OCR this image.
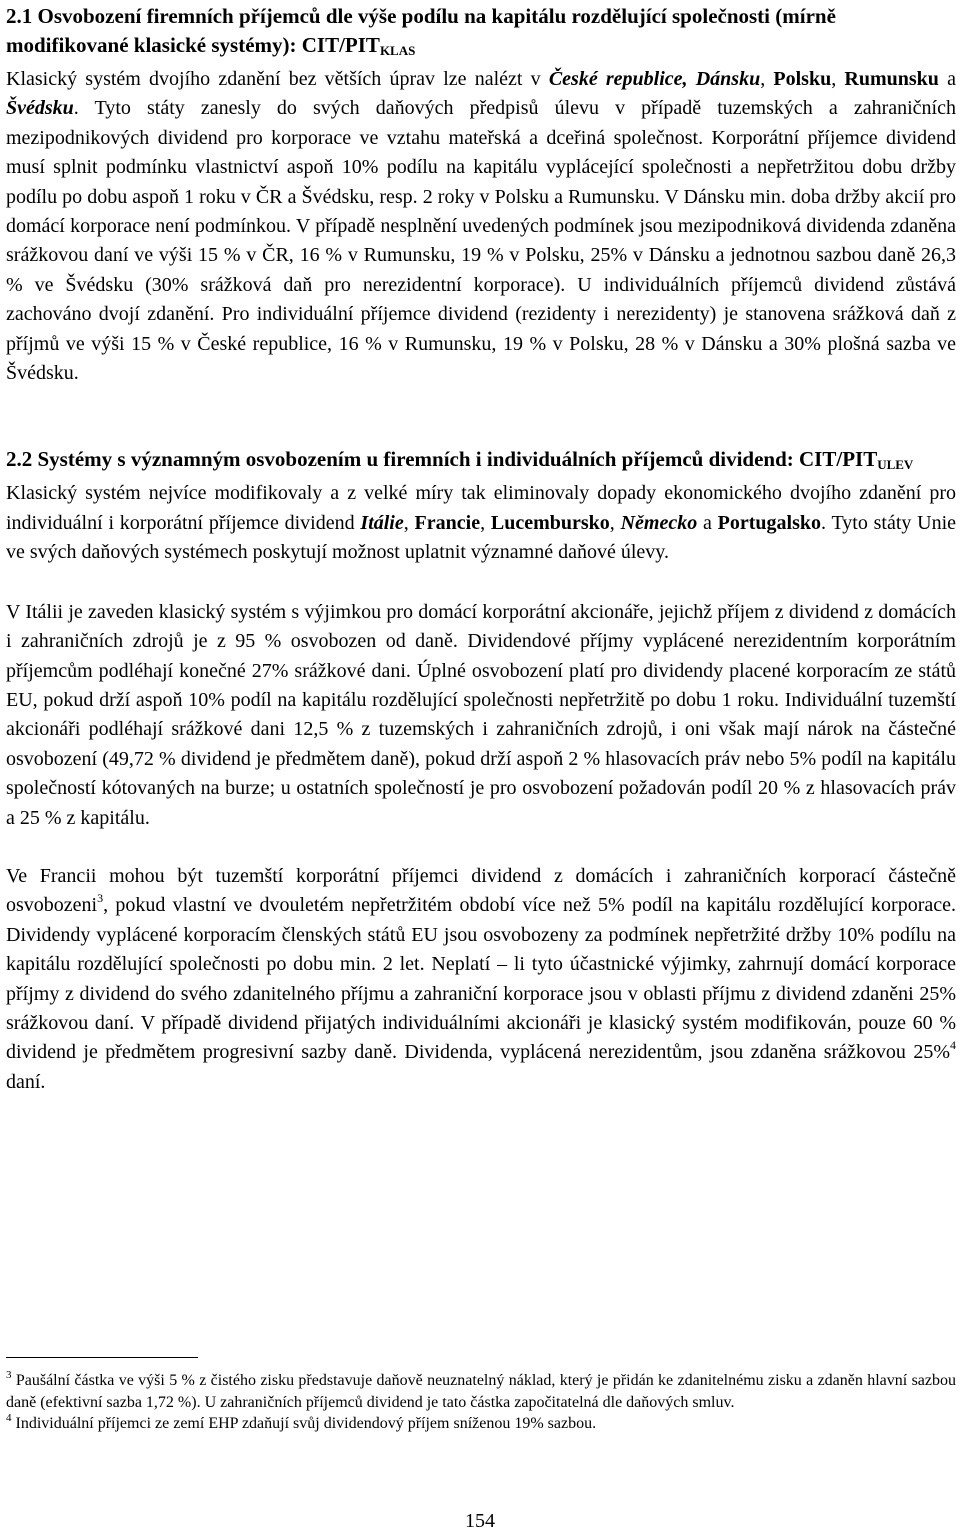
2.1 Osvobození firemních příjemců dle výše podílu na kapitálu rozdělující společnosti (mírně modifikované klasické systémy): CIT/$PIT_{KLAS}$

Klasický systém dvojího zdanění bez větších úprav lze nalézt v České republice, Dánsku, Polsku, Rumunsku a Švédsku. Tyto státy zanesly do svých daňových předpisů úlevu v případě tuzemských a zahraničních mezipodnikových dividend pro korporace ve vztahu mateřská a dceřiná společnost. Korporátní příjemce dividend musí splnit podmínku vlastnictví aspoň 10% podílu na kapitálu vyplácející společnosti a nepřetržitou dobu držby podílu po dobu aspoň 1 roku v ČR a Švédsku, resp. 2 roky v Polsku a Rumunsku. V Dánsku min. doba držby akcií pro domácí korporace není podmínkou. V případě nesplnění uvedených podmínek jsou mezipodniková dividenda zdaněna srážkovou daní ve výši 15 % v ČR, 16 % v Rumunsku, 19 % v Polsku, 25% v Dánsku a jednotnou sazbou daně 26,3 % ve Švédsku (30% srážková daň pro nerezidentní korporace). U individuálních příjemců dividend zůstává zachováno dvojí zdanění. Pro individuální příjemce dividend (rezidenty i nerezidenty) je stanovena srážková daň z příjmů ve výši 15 % v České republice, 16 % v Rumunsku, 19 % v Polsku, 28 % v Dánsku a 30% plošná sazba ve Švédsku.

2.2 Systémy s významným osvobozením u firemních i individuálních příjemců dividend: CIT/$PIT_{ULEV}$

Klasický systém nejvíce modifikovaly a z velké míry tak eliminovaly dopady ekonomického dvojího zdanění pro individuální i korporátní příjemce dividend Itálie, Francie, Lucembursko, Německo a Portugalsko. Tyto státy Unie ve svých daňových systémech poskytují možnost uplatnit významné daňové úlevy.

V Itálii je zaveden klasický systém s výjimkou pro domácí korporátní akcionáře, jejichž příjem z dividend z domácích i zahraničních zdrojů je z 95 % osvobozen od daně. Dividendové příjmy vyplácené nerezidentním korporátním příjemcům podléhají konečné 27% srážkové dani. Úplné osvobození platí pro dividendy placené korporacím ze států EU, pokud drží aspoň 10% podíl na kapitálu rozdělující společnosti nepřetržitě po dobu 1 roku. Individuální tuzemští akcionáři podléhají srážkové dani 12,5 % z tuzemských i zahraničních zdrojů, i oni však mají nárok na částečné osvobození (49,72 % dividend je předmětem daně), pokud drží aspoň 2 % hlasovacích práv nebo 5% podíl na kapitálu společností kótovaných na burze; u ostatních společností je pro osvobození požadován podíl 20 % z hlasovacích práv a 25 % z kapitálu.

Ve Francii mohou být tuzemští korporátní příjemci dividend z domácích i zahraničních korporací částečně osvobozeni$^3$, pokud vlastní ve dvouletém nepřetržitém období více než 5% podíl na kapitálu rozdělující korporace. Dividendy vyplácené korporacím členských států EU jsou osvobozeny za podmínek nepřetržité držby 10% podílu na kapitálu rozdělující společnosti po dobu min. 2 let. Neplatí – li tyto účastnické výjimky, zahrnují domácí korporace příjmy z dividend do svého zdanitelného příjmu a zahraniční korporace jsou v oblasti příjmu z dividend zdaněni 25% srážkovou daní. V případě dividend přijatých individuálními akcionáři je klasický systém modifikován, pouze 60 % dividend je předmětem progresivní sazby daně. Dividenda, vyplácená nerezidentům, jsou zdaněna srážkovou 25%$^4$ daní.

$^3$ Paušální částka ve výši 5 % z čistého zisku představuje daňově neuznatelný náklad, který je přidán ke zdanitelnému zisku a zdaněn hlavní sazbou daně (efektivní sazba 1,72 %). U zahraničních příjemců dividend je tato částka započitatelná dle daňových smluv.

$^4$ Individuální příjemci ze zemí EHP zdaňují svůj dividendový příjem sníženou 19% sazbou.

154
